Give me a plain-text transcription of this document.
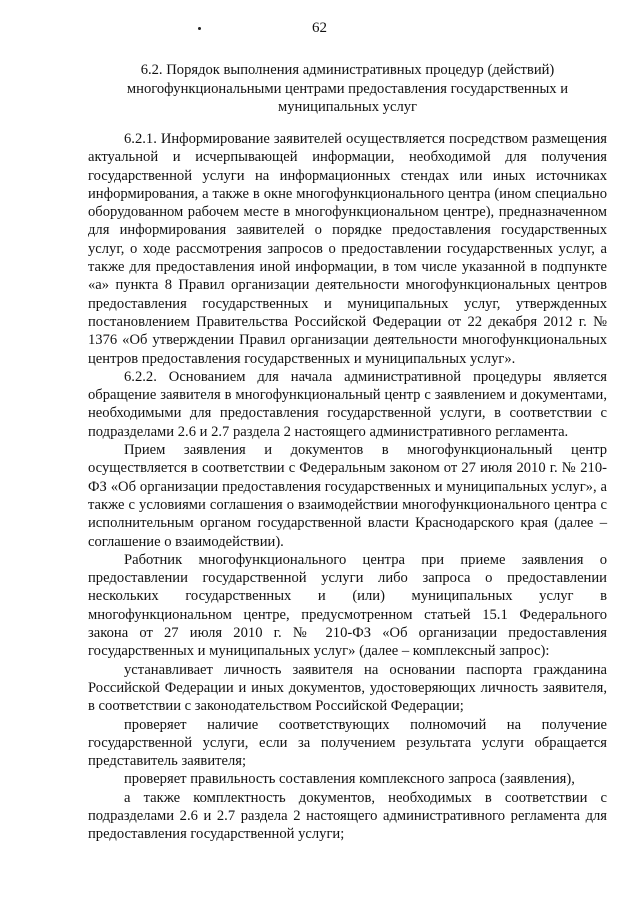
62
6.2. Порядок выполнения административных процедур (действий)
многофункциональными центрами предоставления государственных и
муниципальных услуг

6.2.1. Информирование заявителей осуществляется посредством размещения актуальной и исчерпывающей информации, необходимой для получения государственной услуги на информационных стендах или иных источниках информирования, а также в окне многофункционального центра (ином специально оборудованном рабочем месте в многофункциональном центре), предназначенном для информирования заявителей о порядке предоставления государственных услуг, о ходе рассмотрения запросов о предоставлении государственных услуг, а также для предоставления иной информации, в том числе указанной в подпункте «а» пункта 8 Правил организации деятельности многофункциональных центров предоставления государственных и муниципальных услуг, утвержденных постановлением Правительства Российской Федерации от 22 декабря 2012 г. № 1376 «Об утверждении Правил организации деятельности многофункциональных центров предоставления государственных и муниципальных услуг».

6.2.2. Основанием для начала административной процедуры является обращение заявителя в многофункциональный центр с заявлением и документами, необходимыми для предоставления государственной услуги, в соответствии с подразделами 2.6 и 2.7 раздела 2 настоящего административного регламента.

Прием заявления и документов в многофункциональный центр осуществляется в соответствии с Федеральным законом от 27 июля 2010 г. № 210-ФЗ «Об организации предоставления государственных и муниципальных услуг», а также с условиями соглашения о взаимодействии многофункционального центра с исполнительным органом государственной власти Краснодарского края (далее – соглашение о взаимодействии).

Работник многофункционального центра при приеме заявления о предоставлении государственной услуги либо запроса о предоставлении нескольких государственных и (или) муниципальных услуг в многофункциональном центре, предусмотренном статьей 15.1 Федерального закона от 27 июля 2010 г. № 210-ФЗ «Об организации предоставления государственных и муниципальных услуг» (далее – комплексный запрос):

устанавливает личность заявителя на основании паспорта гражданина Российской Федерации и иных документов, удостоверяющих личность заявителя, в соответствии с законодательством Российской Федерации;

проверяет наличие соответствующих полномочий на получение государственной услуги, если за получением результата услуги обращается представитель заявителя;

проверяет правильность составления комплексного запроса (заявления),

а также комплектность документов, необходимых в соответствии с подразделами 2.6 и 2.7 раздела 2 настоящего административного регламента для предоставления государственной услуги;
